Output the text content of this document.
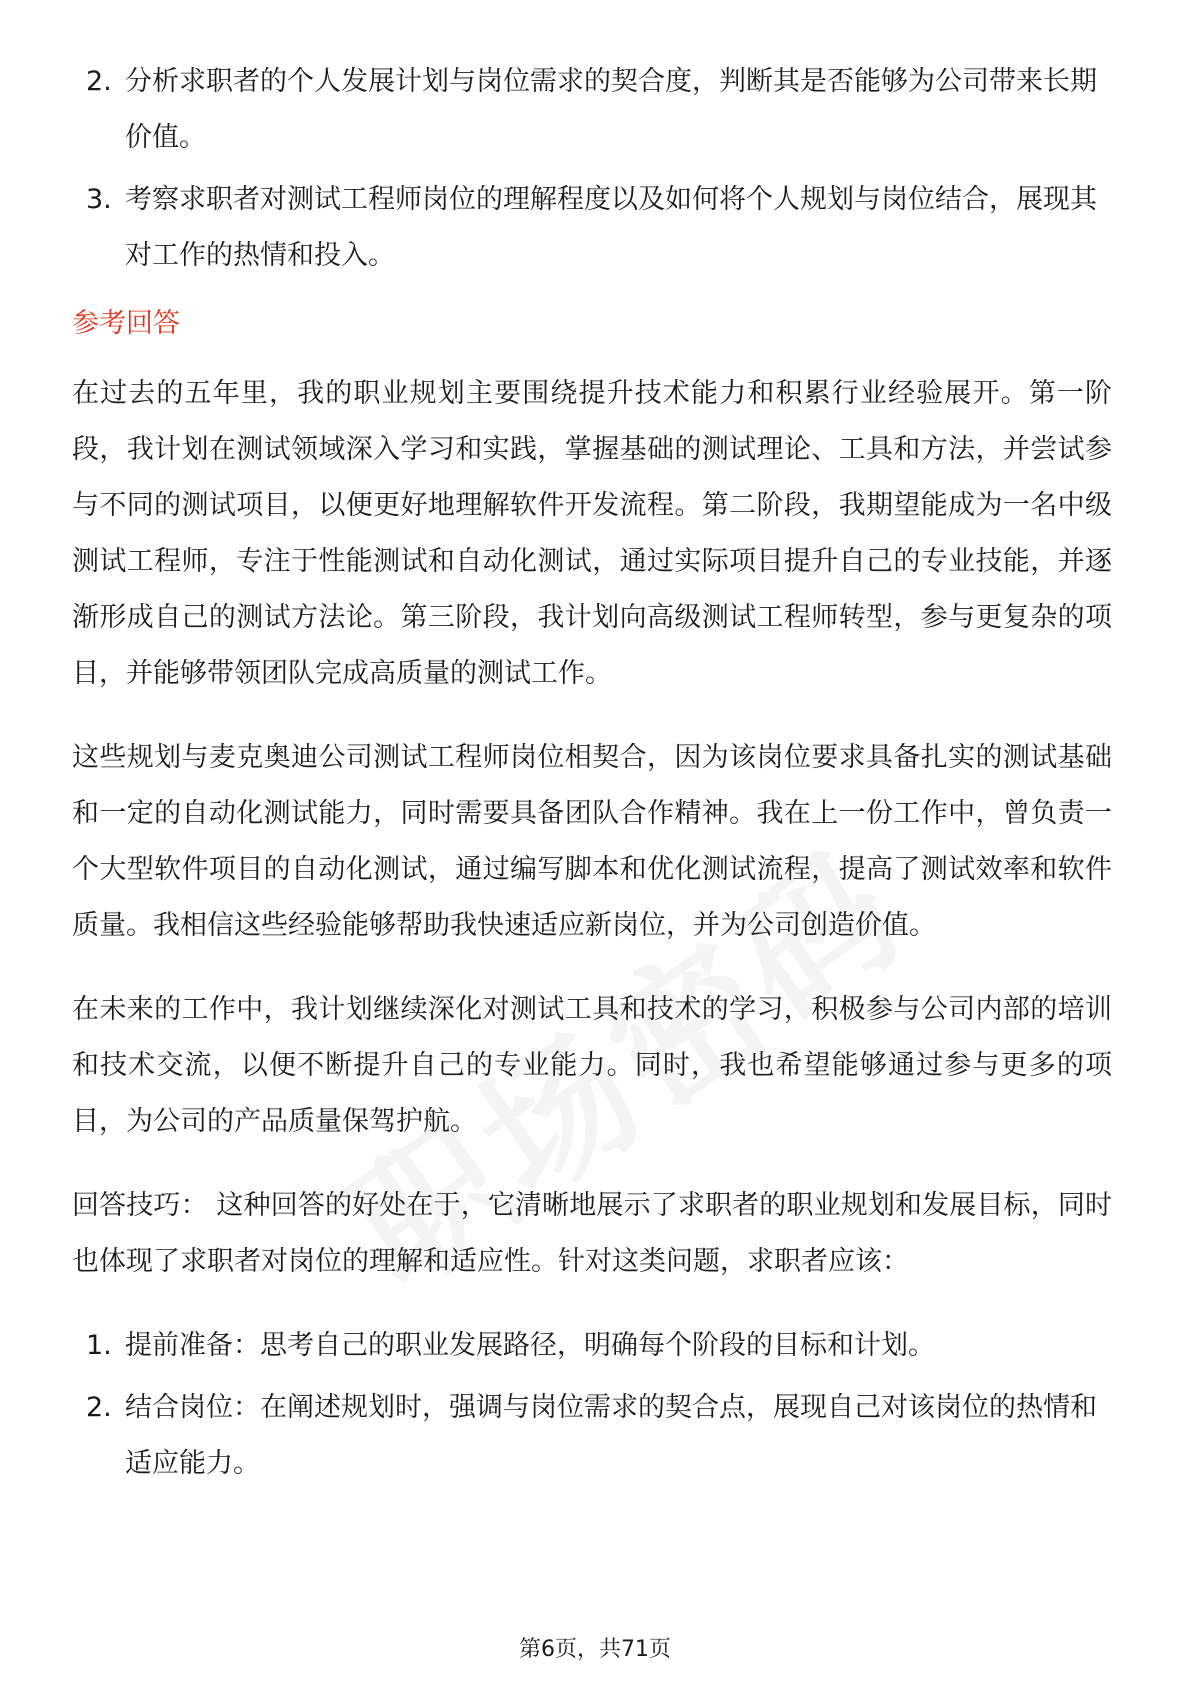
2. 分析求职者的个人发展计划与岗位需求的契合度，判断其是否能够为公司带来长期价值。
3. 考察求职者对测试工程师岗位的理解程度以及如何将个人规划与岗位结合，展现其对工作的热情和投入。
参考回答

在过去的五年里，我的职业规划主要围绕提升技术能力和积累行业经验展开。第一阶段，我计划在测试领域深入学习和实践，掌握基础的测试理论、工具和方法，并尝试参与不同的测试项目，以便更好地理解软件开发流程。第二阶段，我期望能成为一名中级测试工程师，专注于性能测试和自动化测试，通过实际项目提升自己的专业技能，并逐渐形成自己的测试方法论。第三阶段，我计划向高级测试工程师转型，参与更复杂的项目，并能够带领团队完成高质量的测试工作。

这些规划与麦克奥迪公司测试工程师岗位相契合，因为该岗位要求具备扎实的测试基础和一定的自动化测试能力，同时需要具备团队合作精神。我在上一份工作中，曾负责一个大型软件项目的自动化测试，通过编写脚本和优化测试流程，提高了测试效率和软件质量。我相信这些经验能够帮助我快速适应新岗位，并为公司创造价值。

在未来的工作中，我计划继续深化对测试工具和技术的学习，积极参与公司内部的培训和技术交流，以便不断提升自己的专业能力。同时，我也希望能够通过参与更多的项目，为公司的产品质量保驾护航。

回答技巧： 这种回答的好处在于，它清晰地展示了求职者的职业规划和发展目标，同时也体现了求职者对岗位的理解和适应性。针对这类问题，求职者应该：

1. 提前准备：思考自己的职业发展路径，明确每个阶段的目标和计划。
2. 结合岗位：在阐述规划时，强调与岗位需求的契合点，展现自己对该岗位的热情和适应能力。
第6页，共71页
